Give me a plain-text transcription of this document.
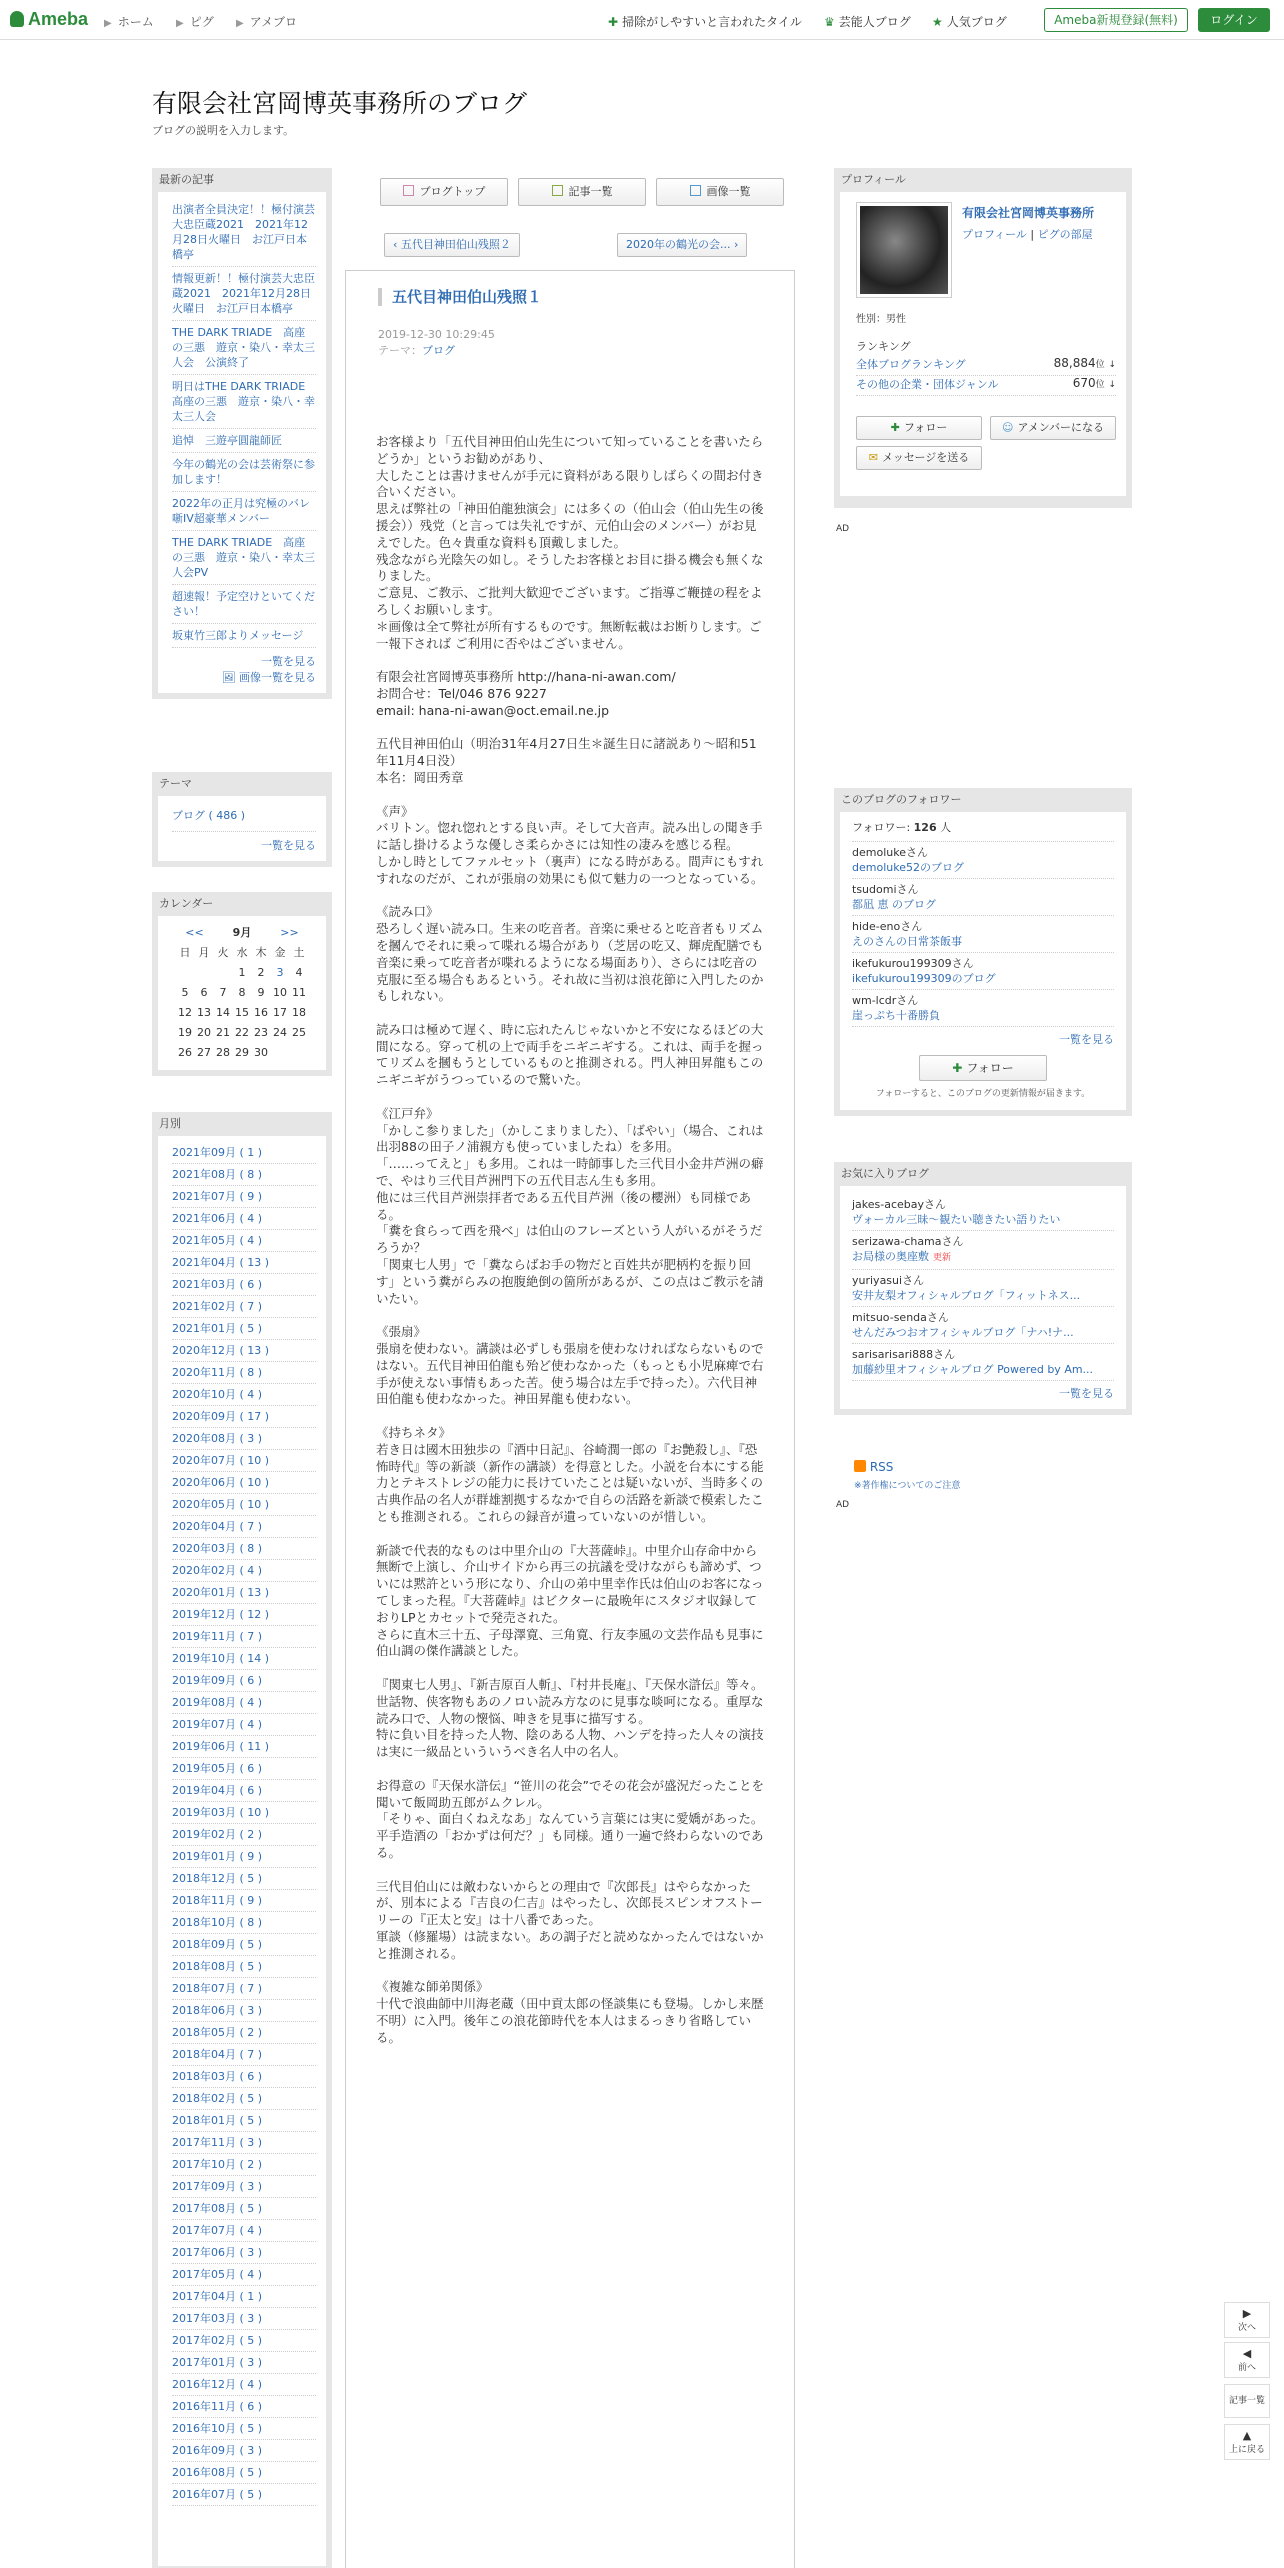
Ameba ▶ ホーム ▶ ピグ ▶ アメブロ	✚ 掃除がしやすいと言われたタイル ♛ 芸能人ブログ ★ 人気ブログ	Ameba新規登録(無料)	ログイン
有限会社宮岡博英事務所のブログ
ブログの説明を入力します。
最新の記事
出演者全員決定！！極付演芸大忠臣蔵2021　2021年12月28日火曜日　お江戸日本橋亭
情報更新！！極付演芸大忠臣蔵2021　2021年12月28日火曜日　お江戸日本橋亭
THE DARK TRIADE　高座の三悪　遊京・染八・幸太三人会　公演終了
明日はTHE DARK TRIADE　高座の三悪　遊京・染八・幸太三人会
追悼　三遊亭圓龍師匠
今年の鶴光の会は芸術祭に参加します！
2022年の正月は究極のバレ噺IV超豪華メンバー
THE DARK TRIADE　高座の三悪　遊京・染八・幸太三人会PV
超速報！予定空けといてください！
坂東竹三郎よりメッセージ
一覧を見る
🖼 画像一覧を見る
テーマ
ブログ ( 486 )
一覧を見る
カレンダー
<<		9月			>>	
日	月	火	水	木	金	土
			1	2	3	4
5	6	7	8	9	10	11
12	13	14	15	16	17	18
19	20	21	22	23	24	25
26	27	28	29	30		
月別
2021年09月 ( 1 )
2021年08月 ( 8 )
2021年07月 ( 9 )
2021年06月 ( 4 )
2021年05月 ( 4 )
2021年04月 ( 13 )
2021年03月 ( 6 )
2021年02月 ( 7 )
2021年01月 ( 5 )
2020年12月 ( 13 )
2020年11月 ( 8 )
2020年10月 ( 4 )
2020年09月 ( 17 )
2020年08月 ( 3 )
2020年07月 ( 10 )
2020年06月 ( 10 )
2020年05月 ( 10 )
2020年04月 ( 7 )
2020年03月 ( 8 )
2020年02月 ( 4 )
2020年01月 ( 13 )
2019年12月 ( 12 )
2019年11月 ( 7 )
2019年10月 ( 14 )
2019年09月 ( 6 )
2019年08月 ( 4 )
2019年07月 ( 4 )
2019年06月 ( 11 )
2019年05月 ( 6 )
2019年04月 ( 6 )
2019年03月 ( 10 )
2019年02月 ( 2 )
2019年01月 ( 9 )
2018年12月 ( 5 )
2018年11月 ( 9 )
2018年10月 ( 8 )
2018年09月 ( 5 )
2018年08月 ( 5 )
2018年07月 ( 7 )
2018年06月 ( 3 )
2018年05月 ( 2 )
2018年04月 ( 7 )
2018年03月 ( 6 )
2018年02月 ( 5 )
2018年01月 ( 5 )
2017年11月 ( 3 )
2017年10月 ( 2 )
2017年09月 ( 3 )
2017年08月 ( 5 )
2017年07月 ( 4 )
2017年06月 ( 3 )
2017年05月 ( 4 )
2017年04月 ( 1 )
2017年03月 ( 3 )
2017年02月 ( 5 )
2017年01月 ( 3 )
2016年12月 ( 4 )
2016年11月 ( 6 )
2016年10月 ( 5 )
2016年09月 ( 3 )
2016年08月 ( 5 )
2016年07月 ( 5 )
ブログトップ	記事一覧	画像一覧
‹ 五代目神田伯山残照２	2020年の鶴光の会... ›
五代目神田伯山残照１
2019-12-30 10:29:45
テーマ：ブログ

お客様より「五代目神田伯山先生について知っていることを書いたらどうか」というお勧めがあり、
大したことは書けませんが手元に資料がある限りしばらくの間お付き合いください。
思えば弊社の「神田伯龍独演会」には多くの（伯山会（伯山先生の後援会））残党（と言っては失礼ですが、元伯山会のメンバー）がお見えでした。色々貴重な資料も頂戴しました。
残念ながら光陰矢の如し。そうしたお客様とお目に掛る機会も無くなりました。
ご意見、ご教示、ご批判大歓迎でございます。ご指導ご鞭撻の程をよろしくお願いします。
＊画像は全て弊社が所有するものです。無断転載はお断りします。ご一報下されば ご利用に否やはございません。

有限会社宮岡博英事務所 http://hana-ni-awan.com/
お問合せ：Tel/046 876 9227
email: hana-ni-awan@oct.email.ne.jp

五代目神田伯山（明治31年4月27日生＊誕生日に諸説あり～昭和51年11月4日没）
本名：岡田秀章

《声》
バリトン。惚れ惚れとする良い声。そして大音声。読み出しの聞き手に話し掛けるような優しさ柔らかさには知性の凄みを感じる程。
しかし時としてファルセット（裏声）になる時がある。間声にもすれすれなのだが、これが張扇の効果にも似て魅力の一つとなっている。

《読み口》
恐ろしく遅い読み口。生来の吃音者。音楽に乗せると吃音者もリズムを摑んでそれに乗って喋れる場合があり（芝居の吃又、輝虎配膳でも音楽に乗って吃音者が喋れるようになる場面あり）、さらには吃音の克服に至る場合もあるという。それ故に当初は浪花節に入門したのかもしれない。

読み口は極めて遅く、時に忘れたんじゃないかと不安になるほどの大間になる。穿って机の上で両手をニギニギする。これは、両手を握ってリズムを摑もうとしているものと推測される。門人神田昇龍もこのニギニギがうつっているので驚いた。

《江戸弁》
「かしこ参りました」（かしこまりました）、「ばやい」（場合、これは出羽88の田子ノ浦親方も使っていましたね）を多用。
「……ってえと」も多用。これは一時師事した三代目小金井芦洲の癖で、やはり三代目芦洲門下の五代目志ん生も多用。
他には三代目芦洲崇拝者である五代目芦洲（後の櫻洲）も同様である。
「糞を食らって西を飛べ」は伯山のフレーズという人がいるがそうだろうか？
「関東七人男」で「糞ならばお手の物だと百姓共が肥柄杓を振り回す」という糞がらみの抱腹絶倒の箇所があるが、この点はご教示を請いたい。

《張扇》
張扇を使わない。講談は必ずしも張扇を使わなければならないものではない。五代目神田伯龍も殆ど使わなかった（もっとも小児麻痺で右手が使えない事情もあった苦。使う場合は左手で持った）。六代目神田伯龍も使わなかった。神田昇龍も使わない。

《持ちネタ》
若き日は國木田独歩の『酒中日記』、谷崎潤一郎の『お艶殺し』、『恐怖時代』等の新談（新作の講談）を得意とした。小説を台本にする能力とテキストレジの能力に長けていたことは疑いないが、当時多くの古典作品の名人が群雄割拠するなかで自らの活路を新談で模索したことも推測される。これらの録音が遺っていないのが惜しい。

新談で代表的なものは中里介山の『大菩薩峠』。中里介山存命中から無断で上演し、介山サイドから再三の抗議を受けながらも諦めず、ついには黙許という形になり、介山の弟中里幸作氏は伯山のお客になってしまった程。『大菩薩峠』はビクターに最晩年にスタジオ収録しておりLPとカセットで発売された。
さらに直木三十五、子母澤寛、三角寛、行友李風の文芸作品も見事に伯山調の傑作講談とした。

『関東七人男』、『新吉原百人斬』、『村井長庵』、『天保水滸伝』等々。
世話物、侠客物もあのノロい読み方なのに見事な啖呵になる。重厚な読み口で、人物の懐悩、呻きを見事に描写する。
特に負い目を持った人物、陰のある人物、ハンデを持った人々の演技は実に一級品といういうべき名人中の名人。

お得意の『天保水滸伝』“笹川の花会”でその花会が盛況だったことを聞いて飯岡助五郎がムクレル。
「そりゃ、面白くねえなあ」なんていう言葉には実に愛嬌があった。
平手造酒の「おかずは何だ？」も同様。通り一遍で終わらないのである。

三代目伯山には敵わないからとの理由で『次郎長』はやらなかったが、別本による『吉良の仁吉』はやったし、次郎長スピンオフストーリーの『正太と安』は十八番であった。
軍談（修羅場）は読まない。あの調子だと読めなかったんではないかと推測される。

《複雑な師弟関係》
十代で浪曲師中川海老蔵（田中貢太郎の怪談集にも登場。しかし来歴不明）に入門。後年この浪花節時代を本人はまるっきり省略している。

プロフィール
有限会社宮岡博英事務所
プロフィール | ピグの部屋
性別：男性
ランキング
全体ブログランキング	88,884位 ↓
その他の企業・団体ジャンル	670位 ↓
✚ フォロー	☺ アメンバーになる
✉ メッセージを送る
AD
このブログのフォロワー
フォロワー: 126 人
demolukeさん
demoluke52のブログ
tsudomiさん
都凪 恵 のブログ
hide-enoさん
えのさんの日常茶飯事
ikefukurou199309さん
ikefukurou199309のブログ
wm-lcdrさん
崖っぷち十番勝負
一覧を見る
✚ フォロー
フォローすると、このブログの更新情報が届きます。
お気に入りブログ
jakes-acebayさん
ヴォーカル三昧～観たい聴きたい語りたい
serizawa-chamaさん
お局様の奥座敷 更新
yuriyasuiさん
安井友梨オフィシャルブログ「フィットネス...
mitsuo-sendaさん
せんだみつおオフィシャルブログ「ナハ!ナ...
sarisarisari888さん
加藤紗里オフィシャルブログ Powered by Am...
一覧を見る
RSS
※著作権についてのご注意
AD
▶
次へ
◀
前へ
記事一覧
▲
上に戻る
